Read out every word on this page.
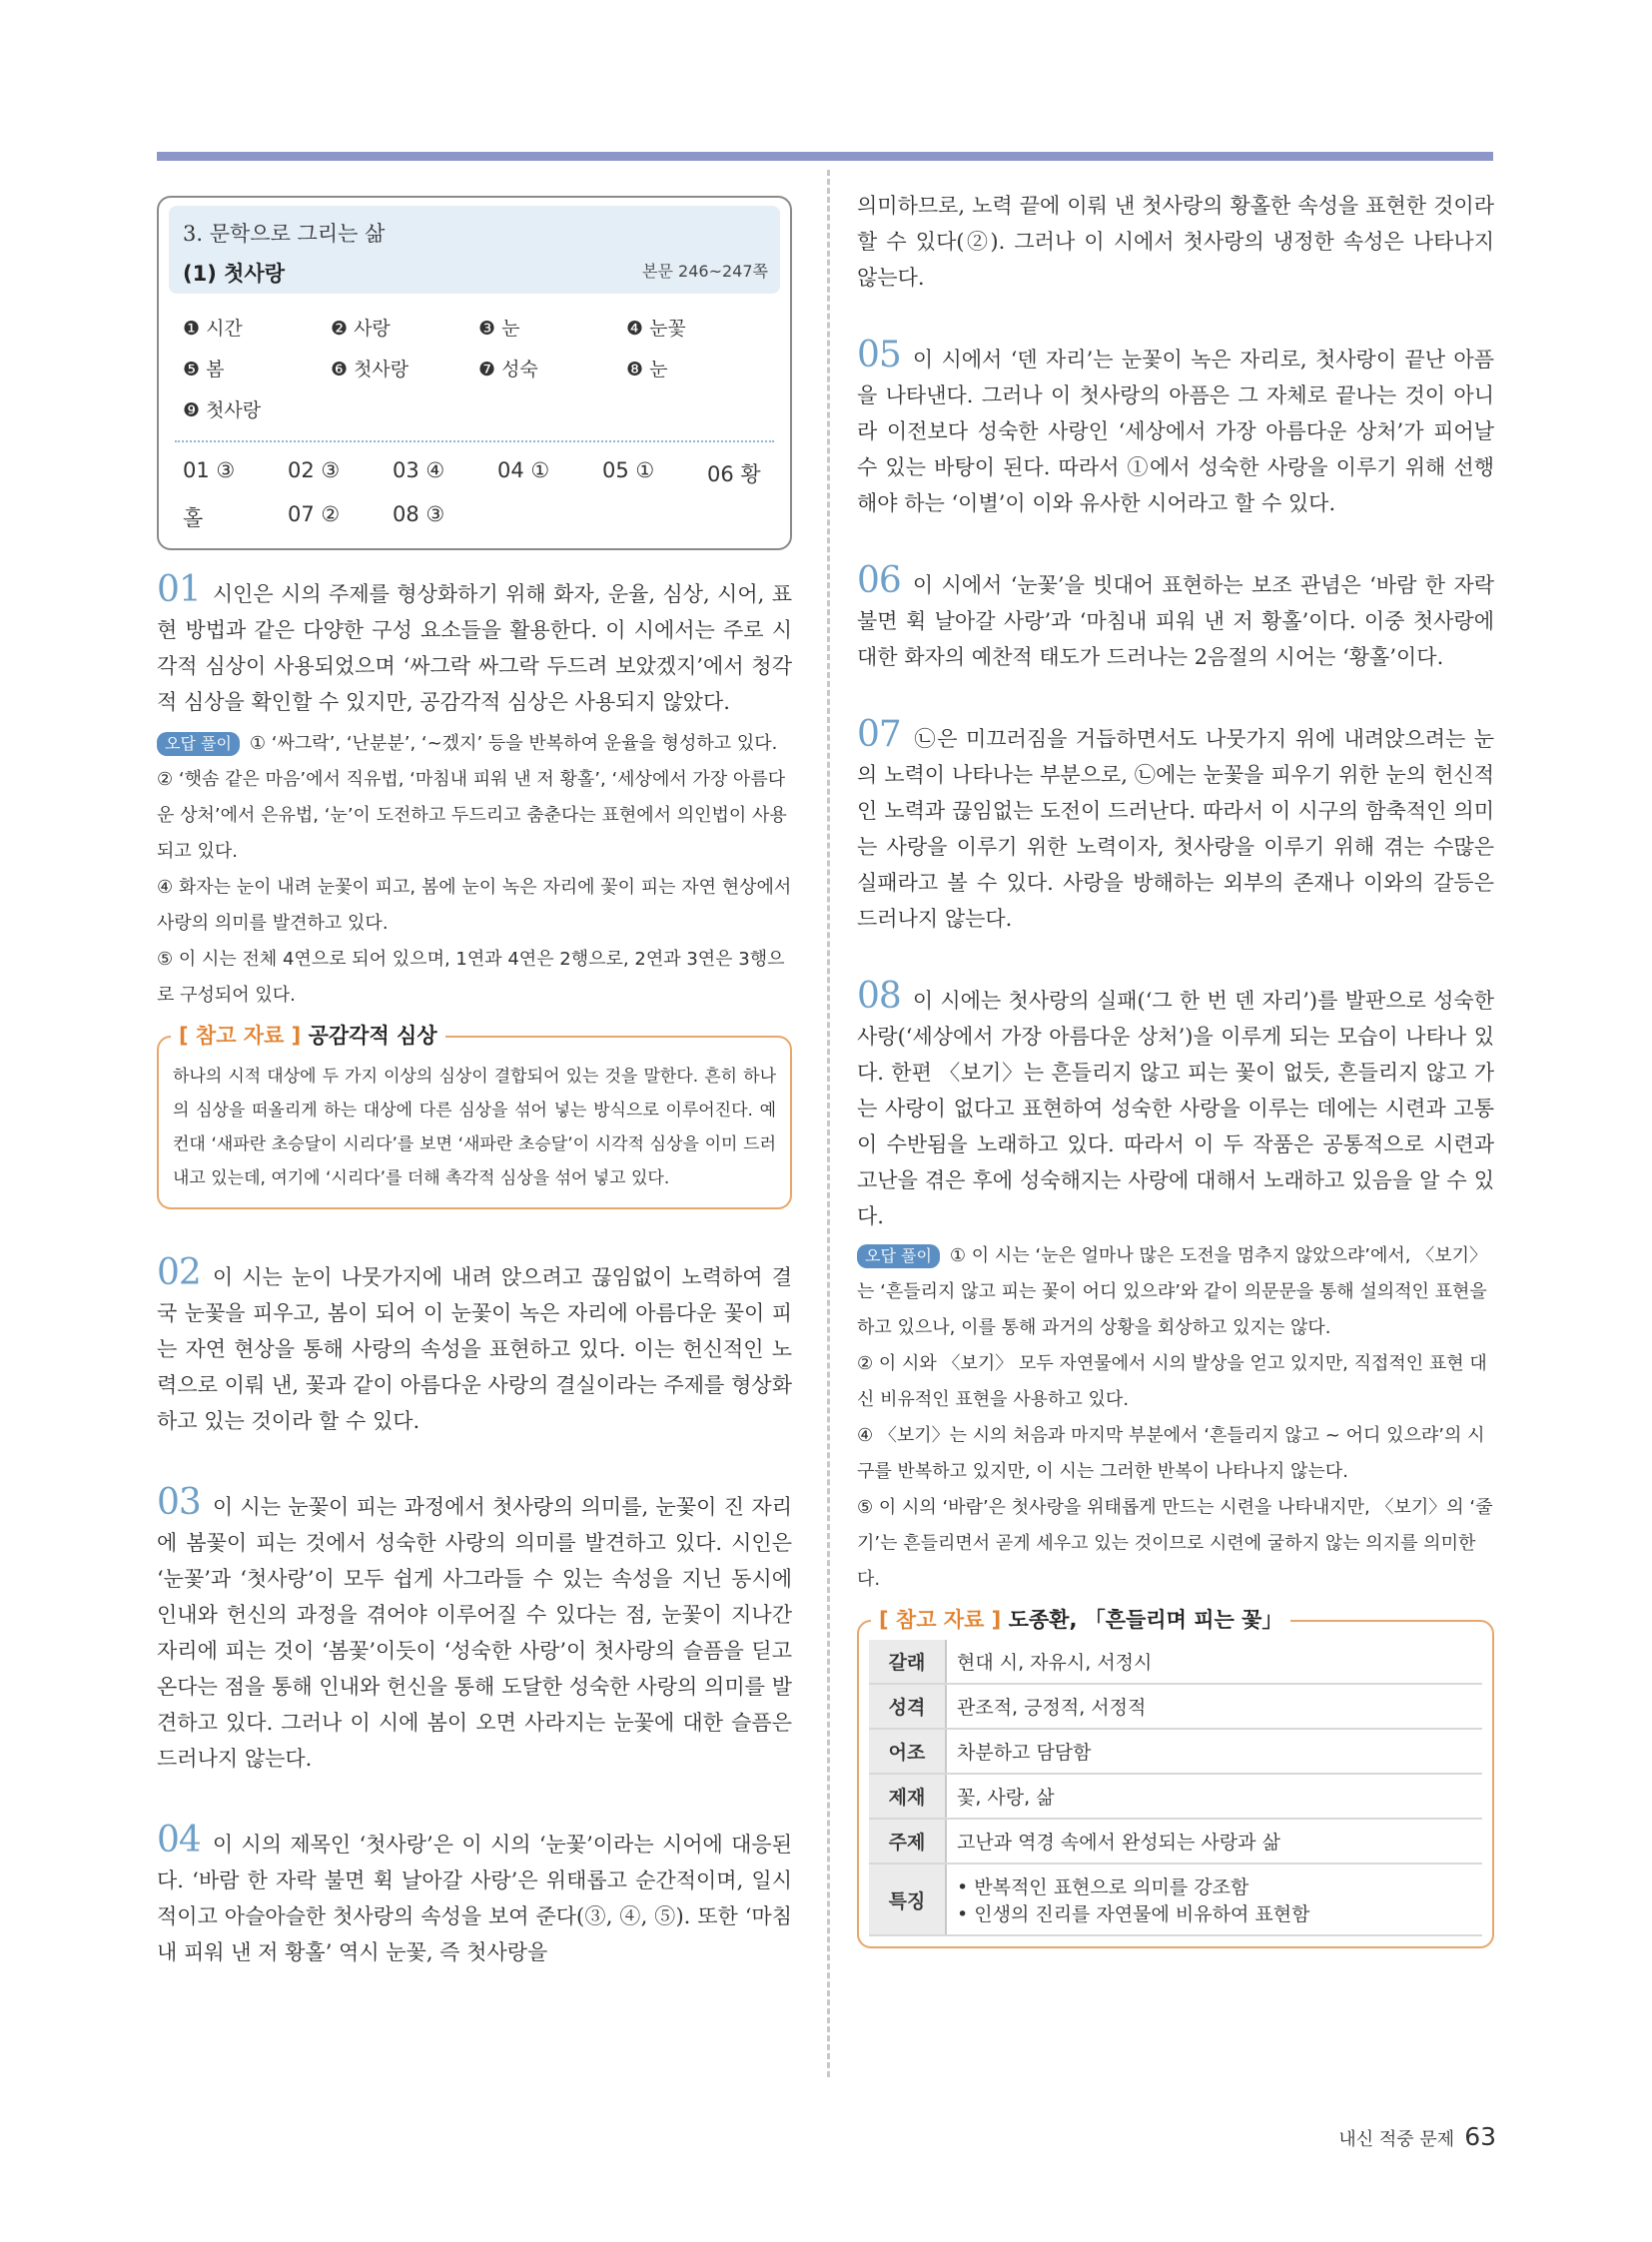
3. 문학으로 그리는 삶
(1) 첫사랑	본문 246~247쪽
❶ 시간	❷ 사랑	❸ 눈	❹ 눈꽃
❺ 봄	❻ 첫사랑	❼ 성숙	❽ 눈
❾ 첫사랑
01 ③	02 ③	03 ④	04 ①	05 ①	06 황
홀	07 ②	08 ③
01 시인은 시의 주제를 형상화하기 위해 화자, 운율, 심상, 시어, 표현 방법과 같은 다양한 구성 요소들을 활용한다. 이 시에서는 주로 시각적 심상이 사용되었으며 ‘싸그락 싸그락 두드려 보았겠지’에서 청각적 심상을 확인할 수 있지만, 공감각적 심상은 사용되지 않았다.
오답 풀이 ① ‘싸그락’, ‘난분분’, ‘~겠지’ 등을 반복하여 운율을 형성하고 있다.
② ‘햇솜 같은 마음’에서 직유법, ‘마침내 피워 낸 저 황홀’, ‘세상에서 가장 아름다운 상처’에서 은유법, ‘눈’이 도전하고 두드리고 춤춘다는 표현에서 의인법이 사용되고 있다.
④ 화자는 눈이 내려 눈꽃이 피고, 봄에 눈이 녹은 자리에 꽃이 피는 자연 현상에서 사랑의 의미를 발견하고 있다.
⑤ 이 시는 전체 4연으로 되어 있으며, 1연과 4연은 2행으로, 2연과 3연은 3행으로 구성되어 있다.
[ 참고 자료 ] 공감각적 심상
하나의 시적 대상에 두 가지 이상의 심상이 결합되어 있는 것을 말한다. 흔히 하나의 심상을 떠올리게 하는 대상에 다른 심상을 섞어 넣는 방식으로 이루어진다. 예컨대 ‘새파란 초승달이 시리다’를 보면 ‘새파란 초승달’이 시각적 심상을 이미 드러내고 있는데, 여기에 ‘시리다’를 더해 촉각적 심상을 섞어 넣고 있다.
02 이 시는 눈이 나뭇가지에 내려 앉으려고 끊임없이 노력하여 결국 눈꽃을 피우고, 봄이 되어 이 눈꽃이 녹은 자리에 아름다운 꽃이 피는 자연 현상을 통해 사랑의 속성을 표현하고 있다. 이는 헌신적인 노력으로 이뤄 낸, 꽃과 같이 아름다운 사랑의 결실이라는 주제를 형상화하고 있는 것이라 할 수 있다.
03 이 시는 눈꽃이 피는 과정에서 첫사랑의 의미를, 눈꽃이 진 자리에 봄꽃이 피는 것에서 성숙한 사랑의 의미를 발견하고 있다. 시인은 ‘눈꽃’과 ‘첫사랑’이 모두 쉽게 사그라들 수 있는 속성을 지닌 동시에 인내와 헌신의 과정을 겪어야 이루어질 수 있다는 점, 눈꽃이 지나간 자리에 피는 것이 ‘봄꽃’이듯이 ‘성숙한 사랑’이 첫사랑의 슬픔을 딛고 온다는 점을 통해 인내와 헌신을 통해 도달한 성숙한 사랑의 의미를 발견하고 있다. 그러나 이 시에 봄이 오면 사라지는 눈꽃에 대한 슬픔은 드러나지 않는다.
04 이 시의 제목인 ‘첫사랑’은 이 시의 ‘눈꽃’이라는 시어에 대응된다. ‘바람 한 자락 불면 휙 날아갈 사랑’은 위태롭고 순간적이며, 일시적이고 아슬아슬한 첫사랑의 속성을 보여 준다(③, ④, ⑤). 또한 ‘마침내 피워 낸 저 황홀’ 역시 눈꽃, 즉 첫사랑을
의미하므로, 노력 끝에 이뤄 낸 첫사랑의 황홀한 속성을 표현한 것이라 할 수 있다(②). 그러나 이 시에서 첫사랑의 냉정한 속성은 나타나지 않는다.
05 이 시에서 ‘덴 자리’는 눈꽃이 녹은 자리로, 첫사랑이 끝난 아픔을 나타낸다. 그러나 이 첫사랑의 아픔은 그 자체로 끝나는 것이 아니라 이전보다 성숙한 사랑인 ‘세상에서 가장 아름다운 상처’가 피어날 수 있는 바탕이 된다. 따라서 ①에서 성숙한 사랑을 이루기 위해 선행해야 하는 ‘이별’이 이와 유사한 시어라고 할 수 있다.
06 이 시에서 ‘눈꽃’을 빗대어 표현하는 보조 관념은 ‘바람 한 자락 불면 휙 날아갈 사랑’과 ‘마침내 피워 낸 저 황홀’이다. 이중 첫사랑에 대한 화자의 예찬적 태도가 드러나는 2음절의 시어는 ‘황홀’이다.
07 ㉡은 미끄러짐을 거듭하면서도 나뭇가지 위에 내려앉으려는 눈의 노력이 나타나는 부분으로, ㉡에는 눈꽃을 피우기 위한 눈의 헌신적인 노력과 끊임없는 도전이 드러난다. 따라서 이 시구의 함축적인 의미는 사랑을 이루기 위한 노력이자, 첫사랑을 이루기 위해 겪는 수많은 실패라고 볼 수 있다. 사랑을 방해하는 외부의 존재나 이와의 갈등은 드러나지 않는다.
08 이 시에는 첫사랑의 실패(‘그 한 번 덴 자리’)를 발판으로 성숙한 사랑(‘세상에서 가장 아름다운 상처’)을 이루게 되는 모습이 나타나 있다. 한편 〈보기〉는 흔들리지 않고 피는 꽃이 없듯, 흔들리지 않고 가는 사랑이 없다고 표현하여 성숙한 사랑을 이루는 데에는 시련과 고통이 수반됨을 노래하고 있다. 따라서 이 두 작품은 공통적으로 시련과 고난을 겪은 후에 성숙해지는 사랑에 대해서 노래하고 있음을 알 수 있다.
오답 풀이 ① 이 시는 ‘눈은 얼마나 많은 도전을 멈추지 않았으랴’에서, 〈보기〉는 ‘흔들리지 않고 피는 꽃이 어디 있으랴’와 같이 의문문을 통해 설의적인 표현을 하고 있으나, 이를 통해 과거의 상황을 회상하고 있지는 않다.
② 이 시와 〈보기〉 모두 자연물에서 시의 발상을 얻고 있지만, 직접적인 표현 대신 비유적인 표현을 사용하고 있다.
④ 〈보기〉는 시의 처음과 마지막 부분에서 ‘흔들리지 않고 ~ 어디 있으랴’의 시구를 반복하고 있지만, 이 시는 그러한 반복이 나타나지 않는다.
⑤ 이 시의 ‘바람’은 첫사랑을 위태롭게 만드는 시련을 나타내지만, 〈보기〉의 ‘줄기’는 흔들리면서 곧게 세우고 있는 것이므로 시련에 굴하지 않는 의지를 의미한다.
[ 참고 자료 ] 도종환, 「흔들리며 피는 꽃」
갈래	현대 시, 자유시, 서정시
성격	관조적, 긍정적, 서정적
어조	차분하고 담담함
제재	꽃, 사랑, 삶
주제	고난과 역경 속에서 완성되는 사랑과 삶
특징	• 반복적인 표현으로 의미를 강조함
• 인생의 진리를 자연물에 비유하여 표현함
내신 적중 문제 63
